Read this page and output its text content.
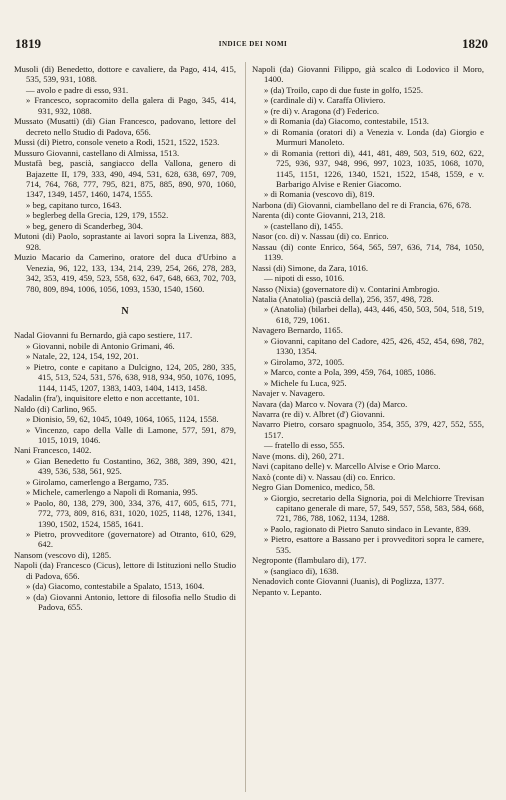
1819	INDICE DEI NOMI	1820

Musoli (di) Benedetto, dottore e cavaliere, da Pago, 414, 415, 535, 539, 931, 1088.

— avolo e padre di esso, 931.

» Francesco, sopracomito della galera di Pago, 345, 414, 931, 932, 1088.

Mussato (Musatti) (di) Gian Francesco, padovano, lettore del decreto nello Studio di Padova, 656.

Mussi (di) Pietro, console veneto a Rodi, 1521, 1522, 1523.

Mussuro Giovanni, castellano di Almissa, 1513.

Mustafà beg, pascià, sangiacco della Vallona, genero di Bajazette II, 179, 333, 490, 494, 531, 628, 638, 697, 709, 714, 764, 768, 777, 795, 821, 875, 885, 890, 970, 1060, 1347, 1349, 1457, 1460, 1474, 1555.

» beg, capitano turco, 1643.

» beglerbeg della Grecia, 129, 179, 1552.

» beg, genero di Scanderbeg, 304.

Mutoni (di) Paolo, soprastante ai lavori sopra la Livenza, 883, 928.

Muzio Macario da Camerino, oratore del duca d'Urbino a Venezia, 96, 122, 133, 134, 214, 239, 254, 266, 278, 283, 342, 353, 419, 459, 523, 558, 632, 647, 648, 663, 702, 703, 780, 809, 894, 1006, 1056, 1093, 1530, 1540, 1560.

N

Nadal Giovanni fu Bernardo, già capo sestiere, 117.

» Giovanni, nobile di Antonio Grimani, 46.

» Natale, 22, 124, 154, 192, 201.

» Pietro, conte e capitano a Dulcigno, 124, 205, 280, 335, 415, 513, 524, 531, 576, 638, 918, 934, 950, 1076, 1095, 1144, 1145, 1207, 1383, 1403, 1404, 1413, 1458.

Nadalin (fra'), inquisitore eletto e non accettante, 101.

Naldo (di) Carlino, 965.

» Dionisio, 59, 62, 1045, 1049, 1064, 1065, 1124, 1558.

» Vincenzo, capo della Valle di Lamone, 577, 591, 879, 1015, 1019, 1046.

Nani Francesco, 1402.

» Gian Benedetto fu Costantino, 362, 388, 389, 390, 421, 439, 536, 538, 561, 925.

» Girolamo, camerlengo a Bergamo, 735.

» Michele, camerlengo a Napoli di Romania, 995.

» Paolo, 80, 138, 279, 300, 334, 376, 417, 605, 615, 771, 772, 773, 809, 816, 831, 1020, 1025, 1148, 1276, 1341, 1390, 1502, 1524, 1585, 1641.

» Pietro, provveditore (governatore) ad Otranto, 610, 629, 642.

Nansom (vescovo di), 1285.

Napoli (da) Francesco (Cicus), lettore di Istituzioni nello Studio di Padova, 656.

» (da) Giacomo, contestabile a Spalato, 1513, 1604.

» (da) Giovanni Antonio, lettore di filosofia nello Studio di Padova, 655.

Napoli (da) Giovanni Filippo, già scalco di Lodovico il Moro, 1400.

» (da) Troilo, capo di due fuste in golfo, 1525.

» (cardinale di) v. Caraffa Oliviero.

» (re di) v. Aragona (d') Federico.

» di Romania (da) Giacomo, contestabile, 1513.

» di Romania (oratori di) a Venezia v. Londa (da) Giorgio e Murmuri Manoleto.

» di Romania (rettori di), 441, 481, 489, 503, 519, 602, 622, 725, 936, 937, 948, 996, 997, 1023, 1035, 1068, 1070, 1145, 1151, 1226, 1340, 1521, 1522, 1548, 1559, e v. Barbarigo Alvise e Renier Giacomo.

» di Romania (vescovo di), 819.

Narbona (di) Giovanni, ciambellano del re di Francia, 676, 678.

Narenta (di) conte Giovanni, 213, 218.

» (castellano di), 1455.

Nasor (co. di) v. Nassau (di) co. Enrico.

Nassau (di) conte Enrico, 564, 565, 597, 636, 714, 784, 1050, 1139.

Nassi (di) Simone, da Zara, 1016.

— nipoti di esso, 1016.

Nasso (Nixia) (governatore di) v. Contarini Ambrogio.

Natalia (Anatolia) (pascià della), 256, 357, 498, 728.

» (Anatolia) (bilarbei della), 443, 446, 450, 503, 504, 518, 519, 618, 729, 1061.

Navagero Bernardo, 1165.

» Giovanni, capitano del Cadore, 425, 426, 452, 454, 698, 782, 1330, 1354.

» Girolamo, 372, 1005.

» Marco, conte a Pola, 399, 459, 764, 1085, 1086.

» Michele fu Luca, 925.

Navajer v. Navagero.

Navara (da) Marco v. Novara (?) (da) Marco.

Navarra (re di) v. Albret (d') Giovanni.

Navarro Pietro, corsaro spagnuolo, 354, 355, 379, 427, 552, 555, 1517.

— fratello di esso, 555.

Nave (mons. di), 260, 271.

Navi (capitano delle) v. Marcello Alvise e Orio Marco.

Naxò (conte di) v. Nassau (di) co. Enrico.

Negro Gian Domenico, medico, 58.

» Giorgio, secretario della Signoria, poi di Melchiorre Trevisan capitano generale di mare, 57, 549, 557, 558, 583, 584, 668, 721, 786, 788, 1062, 1134, 1288.

» Paolo, ragionato di Pietro Sanuto sindaco in Levante, 839.

» Pietro, esattore a Bassano per i provveditori sopra le camere, 535.

Negroponte (flambularo di), 177.

» (sangiaco di), 1638.

Nenadovich conte Giovanni (Juanis), di Poglizza, 1377.

Nepanto v. Lepanto.
